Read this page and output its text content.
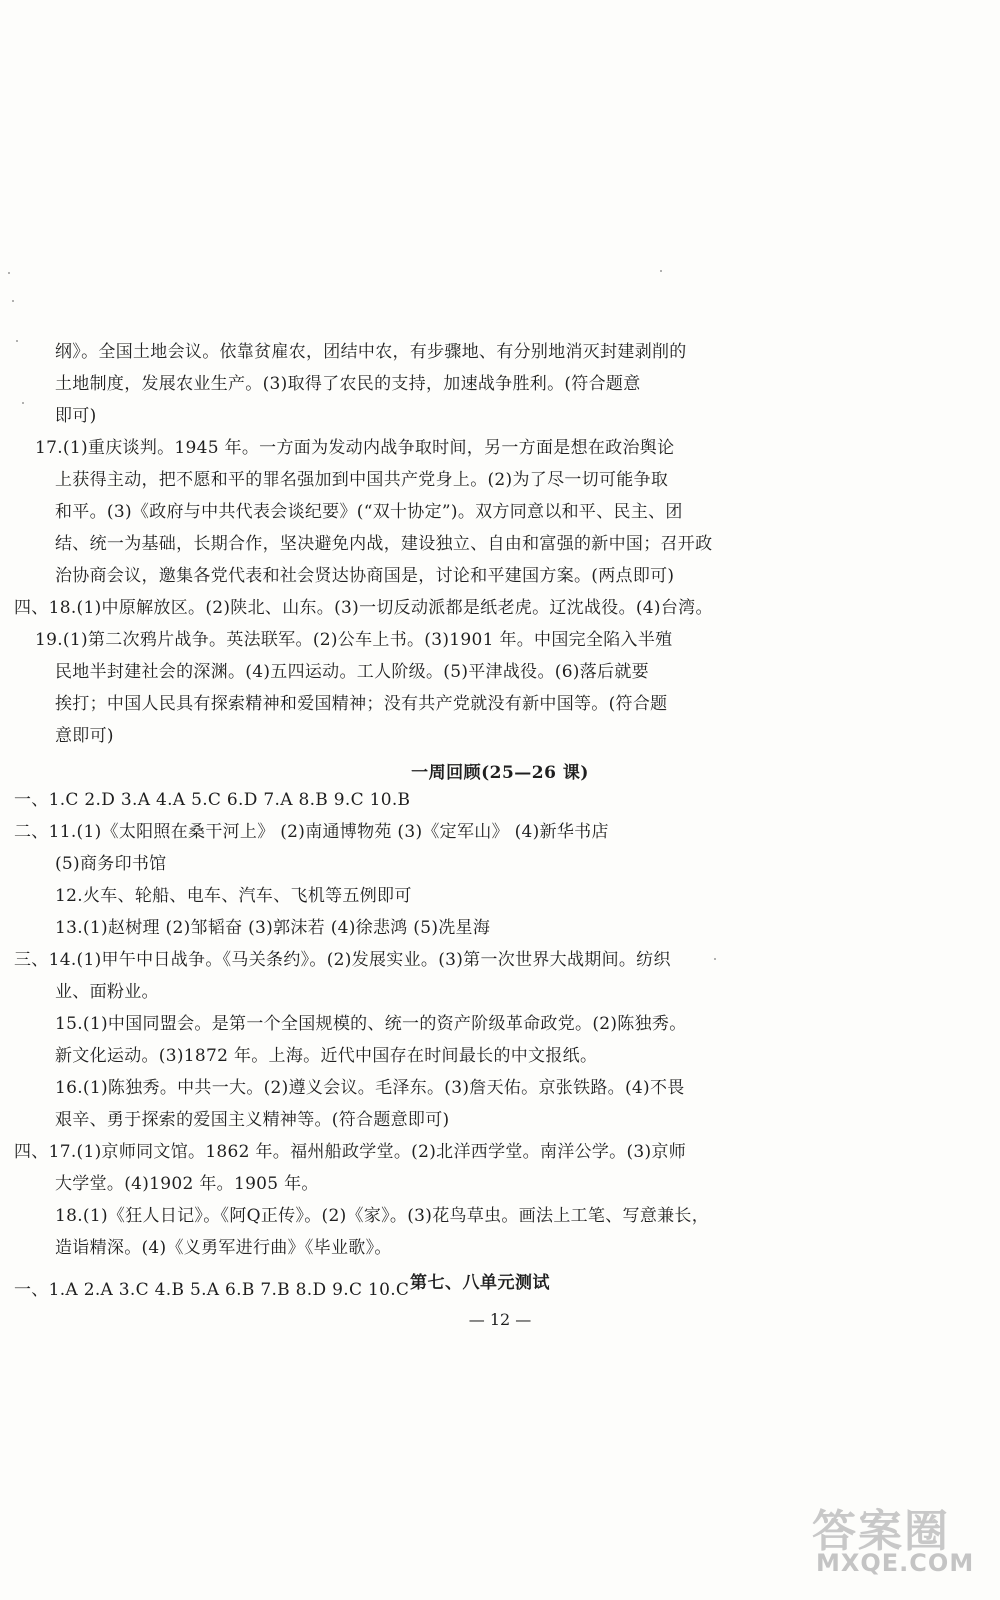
纲》。全国土地会议。依靠贫雇农，团结中农，有步骤地、有分别地消灭封建剥削的
土地制度，发展农业生产。(3)取得了农民的支持，加速战争胜利。(符合题意
即可)
17.(1)重庆谈判。1945 年。一方面为发动内战争取时间，另一方面是想在政治舆论
上获得主动，把不愿和平的罪名强加到中国共产党身上。(2)为了尽一切可能争取
和平。(3)《政府与中共代表会谈纪要》(“双十协定”)。双方同意以和平、民主、团
结、统一为基础，长期合作，坚决避免内战，建设独立、自由和富强的新中国；召开政
治协商会议，邀集各党代表和社会贤达协商国是，讨论和平建国方案。(两点即可)
四、18.(1)中原解放区。(2)陕北、山东。(3)一切反动派都是纸老虎。辽沈战役。(4)台湾。
19.(1)第二次鸦片战争。英法联军。(2)公车上书。(3)1901 年。中国完全陷入半殖
民地半封建社会的深渊。(4)五四运动。工人阶级。(5)平津战役。(6)落后就要
挨打；中国人民具有探索精神和爱国精神；没有共产党就没有新中国等。(符合题
意即可)
一周回顾(25—26 课)
一、1.C 2.D 3.A 4.A 5.C 6.D 7.A 8.B 9.C 10.B
二、11.(1)《太阳照在桑干河上》 (2)南通博物苑 (3)《定军山》 (4)新华书店
(5)商务印书馆
12.火车、轮船、电车、汽车、飞机等五例即可
13.(1)赵树理 (2)邹韬奋 (3)郭沫若 (4)徐悲鸿 (5)冼星海
三、14.(1)甲午中日战争。《马关条约》。(2)发展实业。(3)第一次世界大战期间。纺织
业、面粉业。
15.(1)中国同盟会。是第一个全国规模的、统一的资产阶级革命政党。(2)陈独秀。
新文化运动。(3)1872 年。上海。近代中国存在时间最长的中文报纸。
16.(1)陈独秀。中共一大。(2)遵义会议。毛泽东。(3)詹天佑。京张铁路。(4)不畏
艰辛、勇于探索的爱国主义精神等。(符合题意即可)
四、17.(1)京师同文馆。1862 年。福州船政学堂。(2)北洋西学堂。南洋公学。(3)京师
大学堂。(4)1902 年。1905 年。
18.(1)《狂人日记》。《阿Q正传》。(2)《家》。(3)花鸟草虫。画法上工笔、写意兼长，
造诣精深。(4)《义勇军进行曲》《毕业歌》。
第七、八单元测试
一、1.A 2.A 3.C 4.B 5.A 6.B 7.B 8.D 9.C 10.C
— 12 —
答案圈
MXQE.COM
